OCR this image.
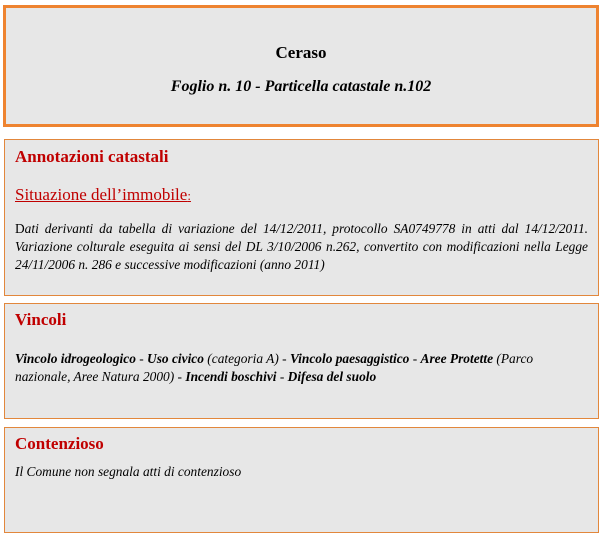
Ceraso
Foglio n. 10 - Particella catastale n.102
Annotazioni catastali
Situazione dell’immobile:
Dati derivanti da tabella di variazione del 14/12/2011, protocollo SA0749778 in atti dal 14/12/2011. Variazione colturale eseguita ai sensi del DL 3/10/2006 n.262, convertito con modificazioni nella Legge 24/11/2006 n. 286 e successive modificazioni (anno 2011)
Vincoli
Vincolo idrogeologico - Uso civico (categoria A) - Vincolo paesaggistico - Aree Protette (Parco nazionale, Aree Natura 2000) - Incendi boschivi - Difesa del suolo
Contenzioso
Il Comune non segnala atti di contenzioso
